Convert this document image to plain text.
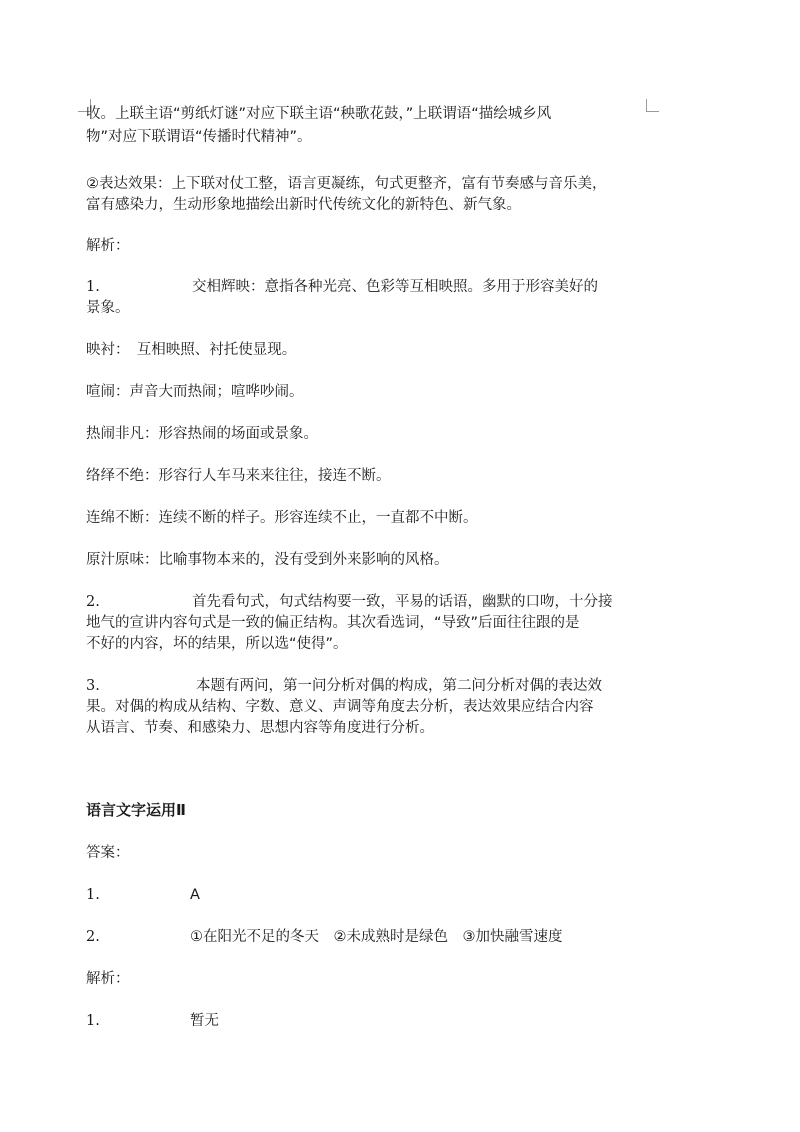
收。上联主语“剪纸灯谜”对应下联主语“秧歌花鼓，”上联谓语“描绘城乡风

物”对应下联谓语“传播时代精神”。

②表达效果：上下联对仗工整，语言更凝练，句式更整齐，富有节奏感与音乐美，

富有感染力，生动形象地描绘出新时代传统文化的新特色、新气象。

解析：

1.	交相辉映：意指各种光亮、色彩等互相映照。多用于形容美好的

景象。

映衬：　互相映照、衬托使显现。

喧闹：声音大而热闹；喧哗吵闹。

热闹非凡：形容热闹的场面或景象。

络绎不绝：形容行人车马来来往往，接连不断。

连绵不断：连续不断的样子。形容连续不止，一直都不中断。

原汁原味：比喻事物本来的，没有受到外来影响的风格。

2.	首先看句式，句式结构要一致，平易的话语，幽默的口吻，十分接

地气的宣讲内容句式是一致的偏正结构。其次看选词，“导致”后面往往跟的是

不好的内容，坏的结果，所以选“使得”。

3.	本题有两问，第一问分析对偶的构成，第二问分析对偶的表达效

果。对偶的构成从结构、字数、意义、声调等角度去分析，表达效果应结合内容

从语言、节奏、和感染力、思想内容等角度进行分析。

语言文字运用Ⅱ

答案：

1.	A

2.	①在阳光不足的冬天　②未成熟时是绿色　③加快融雪速度

解析：

1.	暂无
